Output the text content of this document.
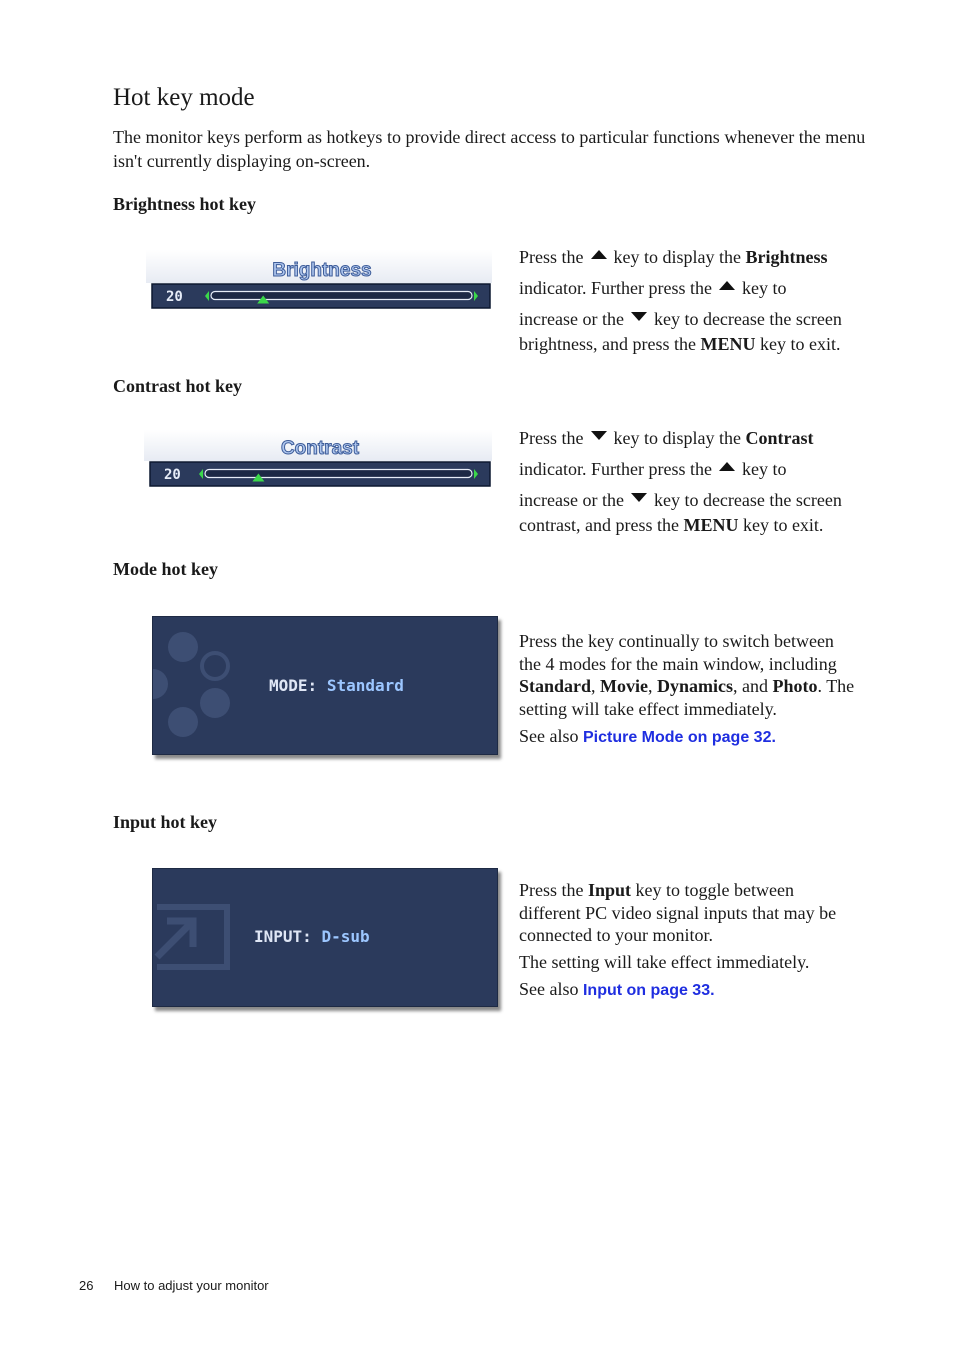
Hot key mode

The monitor keys perform as hotkeys to provide direct access to particular functions whenever the menu isn't currently displaying on-screen.

Brightness hot key
Brightness
20

Press the key to display the Brightness
indicator. Further press the key to
increase or the key to decrease the screen
brightness, and press the MENU key to exit.

Contrast hot key
Contrast
20

Press the key to display the Contrast
indicator. Further press the key to
increase or the key to decrease the screen
contrast, and press the MENU key to exit.

Mode hot key
MODE: Standard

Press the key continually to switch between
the 4 modes for the main window, including
Standard, Movie, Dynamics, and Photo. The
setting will take effect immediately.
See also Picture Mode on page 32.

Input hot key
INPUT: D-sub

Press the Input key to toggle between
different PC video signal inputs that may be
connected to your monitor.
The setting will take effect immediately.
See also Input on page 33.

26 How to adjust your monitor
